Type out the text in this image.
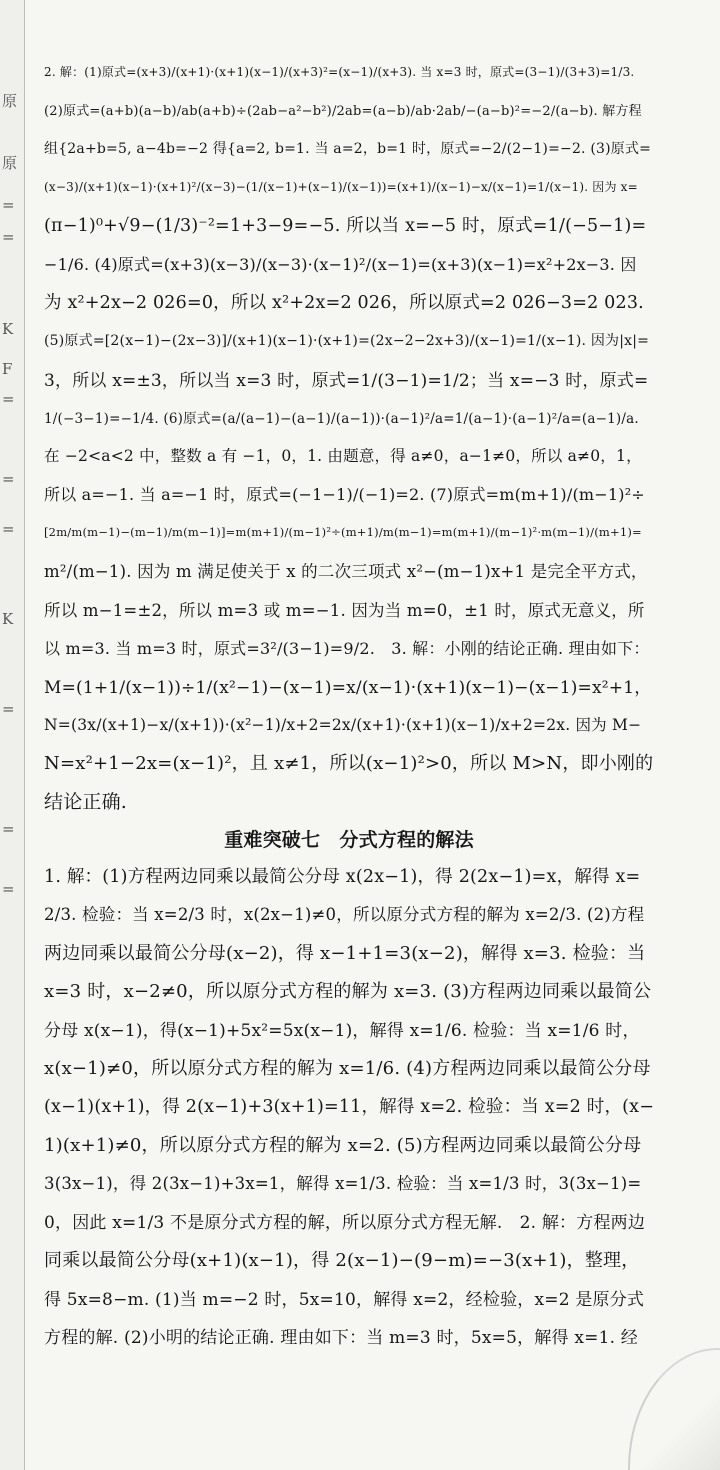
原
原
=
=
K
F
=
=
=
K
=
=
=
2. 解：(1)原式=(x+3)/(x+1)·(x+1)(x−1)/(x+3)²=(x−1)/(x+3). 当 x=3 时，原式=(3−1)/(3+3)=1/3.
(2)原式=(a+b)(a−b)/ab(a+b)÷(2ab−a²−b²)/2ab=(a−b)/ab·2ab/−(a−b)²=−2/(a−b). 解方程
组{2a+b=5, a−4b=−2 得{a=2, b=1. 当 a=2，b=1 时，原式=−2/(2−1)=−2. (3)原式=
(x−3)/(x+1)(x−1)·(x+1)²/(x−3)−(1/(x−1)+(x−1)/(x−1))=(x+1)/(x−1)−x/(x−1)=1/(x−1). 因为 x=
(π−1)⁰+√9−(1/3)⁻²=1+3−9=−5. 所以当 x=−5 时，原式=1/(−5−1)=
−1/6. (4)原式=(x+3)(x−3)/(x−3)·(x−1)²/(x−1)=(x+3)(x−1)=x²+2x−3. 因
为 x²+2x−2 026=0，所以 x²+2x=2 026，所以原式=2 026−3=2 023.
(5)原式=[2(x−1)−(2x−3)]/(x+1)(x−1)·(x+1)=(2x−2−2x+3)/(x−1)=1/(x−1). 因为|x|=
3，所以 x=±3，所以当 x=3 时，原式=1/(3−1)=1/2；当 x=−3 时，原式=
1/(−3−1)=−1/4. (6)原式=(a/(a−1)−(a−1)/(a−1))·(a−1)²/a=1/(a−1)·(a−1)²/a=(a−1)/a.
在 −2<a<2 中，整数 a 有 −1，0，1. 由题意，得 a≠0，a−1≠0，所以 a≠0，1，
所以 a=−1. 当 a=−1 时，原式=(−1−1)/(−1)=2. (7)原式=m(m+1)/(m−1)²÷
[2m/m(m−1)−(m−1)/m(m−1)]=m(m+1)/(m−1)²÷(m+1)/m(m−1)=m(m+1)/(m−1)²·m(m−1)/(m+1)=
m²/(m−1). 因为 m 满足使关于 x 的二次三项式 x²−(m−1)x+1 是完全平方式，
所以 m−1=±2，所以 m=3 或 m=−1. 因为当 m=0，±1 时，原式无意义，所
以 m=3. 当 m=3 时，原式=3²/(3−1)=9/2.　3. 解：小刚的结论正确. 理由如下：
M=(1+1/(x−1))÷1/(x²−1)−(x−1)=x/(x−1)·(x+1)(x−1)−(x−1)=x²+1，
N=(3x/(x+1)−x/(x+1))·(x²−1)/x+2=2x/(x+1)·(x+1)(x−1)/x+2=2x. 因为 M−
N=x²+1−2x=(x−1)²，且 x≠1，所以(x−1)²>0，所以 M>N，即小刚的
结论正确.
重难突破七　分式方程的解法
1. 解：(1)方程两边同乘以最简公分母 x(2x−1)，得 2(2x−1)=x，解得 x=
2/3. 检验：当 x=2/3 时，x(2x−1)≠0，所以原分式方程的解为 x=2/3. (2)方程
两边同乘以最简公分母(x−2)，得 x−1+1=3(x−2)，解得 x=3. 检验：当
x=3 时，x−2≠0，所以原分式方程的解为 x=3. (3)方程两边同乘以最简公
分母 x(x−1)，得(x−1)+5x²=5x(x−1)，解得 x=1/6. 检验：当 x=1/6 时，
x(x−1)≠0，所以原分式方程的解为 x=1/6. (4)方程两边同乘以最简公分母
(x−1)(x+1)，得 2(x−1)+3(x+1)=11，解得 x=2. 检验：当 x=2 时，(x−
1)(x+1)≠0，所以原分式方程的解为 x=2. (5)方程两边同乘以最简公分母
3(3x−1)，得 2(3x−1)+3x=1，解得 x=1/3. 检验：当 x=1/3 时，3(3x−1)=
0，因此 x=1/3 不是原分式方程的解，所以原分式方程无解.　2. 解：方程两边
同乘以最简公分母(x+1)(x−1)，得 2(x−1)−(9−m)=−3(x+1)，整理，
得 5x=8−m. (1)当 m=−2 时，5x=10，解得 x=2，经检验，x=2 是原分式
方程的解. (2)小明的结论正确. 理由如下：当 m=3 时，5x=5，解得 x=1. 经
